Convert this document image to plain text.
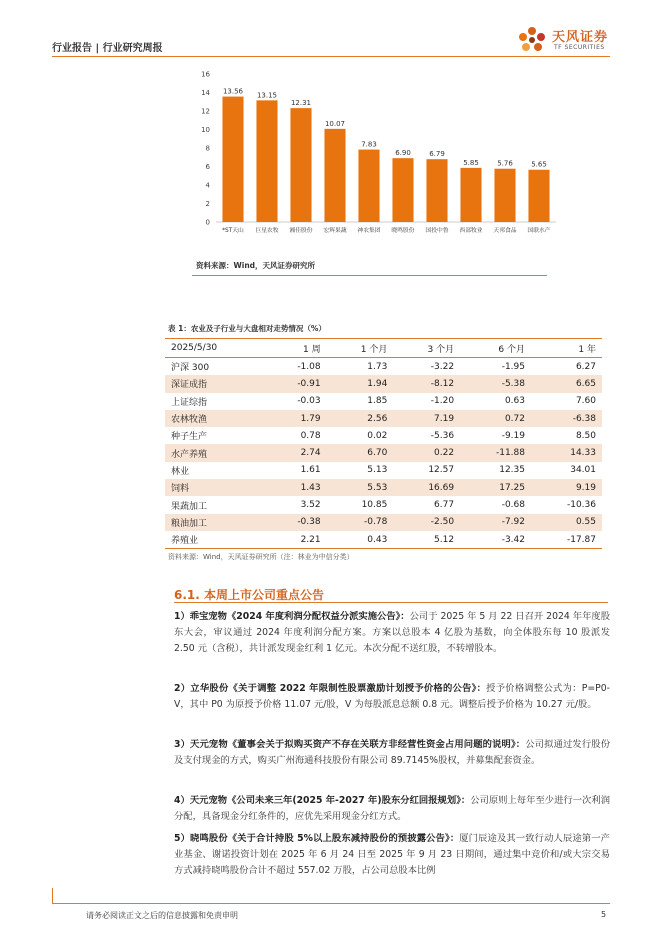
行业报告 | 行业研究周报
天风证券
TF SECURITIES
16
14
12
10
8
6
4
2
0
13.56
*ST天山
13.15
巨星农牧
12.31
湘佳股份
10.07
宏辉果蔬
7.83
神农集团
6.90
晓鸣股份
6.79
国投中鲁
5.85
西部牧业
5.76
天邦食品
5.65
国联水产
资料来源：Wind，天风证券研究所
表 1：农业及子行业与大盘相对走势情况（%）
2025/5/30	1 周	1 个月	3 个月	6 个月	1 年
沪深 300	-1.08	1.73	-3.22	-1.95	6.27
深证成指	-0.91	1.94	-8.12	-5.38	6.65
上证综指	-0.03	1.85	-1.20	0.63	7.60
农林牧渔	1.79	2.56	7.19	0.72	-6.38
种子生产	0.78	0.02	-5.36	-9.19	8.50
水产养殖	2.74	6.70	0.22	-11.88	14.33
林业	1.61	5.13	12.57	12.35	34.01
饲料	1.43	5.53	16.69	17.25	9.19
果蔬加工	3.52	10.85	6.77	-0.68	-10.36
粮油加工	-0.38	-0.78	-2.50	-7.92	0.55
养殖业	2.21	0.43	5.12	-3.42	-17.87
资料来源：Wind，天风证券研究所（注：林业为中信分类）
6.1. 本周上市公司重点公告
1）乖宝宠物《2024 年度利润分配权益分派实施公告》：公司于 2025 年 5 月 22 日召开 2024 年年度股东大会，审议通过 2024 年度利润分配方案。方案以总股本 4 亿股为基数，向全体股东每 10 股派发 2.50 元（含税），共计派发现金红利 1 亿元。本次分配不送红股，不转增股本。
2）立华股份《关于调整 2022 年限制性股票激励计划授予价格的公告》：授予价格调整公式为：P=P0-V，其中 P0 为原授予价格 11.07 元/股，V 为每股派息总额 0.8 元。调整后授予价格为 10.27 元/股。
3）天元宠物《董事会关于拟购买资产不存在关联方非经营性资金占用问题的说明》：公司拟通过发行股份及支付现金的方式，购买广州海通科技股份有限公司 89.7145%股权，并募集配套资金。
4）天元宠物《公司未来三年(2025 年-2027 年)股东分红回报规划》：公司原则上每年至少进行一次利润分配，具备现金分红条件的，应优先采用现金分红方式。
5）晓鸣股份《关于合计持股 5%以上股东减持股份的预披露公告》：厦门辰途及其一致行动人辰途第一产业基金、谢诺投资计划在 2025 年 6 月 24 日至 2025 年 9 月 23 日期间，通过集中竞价和/或大宗交易方式减持晓鸣股份合计不超过 557.02 万股，占公司总股本比例
请务必阅读正文之后的信息披露和免责申明	5
